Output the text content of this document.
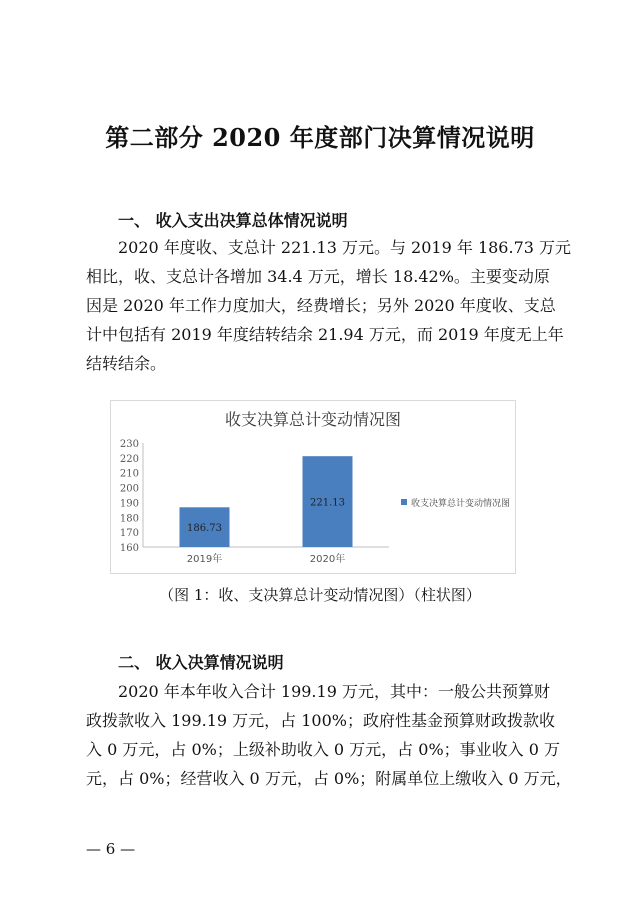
第二部分 2020 年度部门决算情况说明
一、 收入支出决算总体情况说明
2020 年度收、支总计 221.13 万元。与 2019 年 186.73 万元
相比，收、支总计各增加 34.4 万元，增长 18.42%。主要变动原
因是 2020 年工作力度加大，经费增长；另外 2020 年度收、支总
计中包括有 2019 年度结转结余 21.94 万元，而 2019 年度无上年
结转结余。
收支决算总计变动情况图
160
170
180
190
200
210
220
230
186.73
2019年
221.13
2020年
收支决算总计变动情况图
（图 1：收、支决算总计变动情况图）（柱状图）
二、 收入决算情况说明
2020 年本年收入合计 199.19 万元，其中：一般公共预算财
政拨款收入 199.19 万元，占 100%；政府性基金预算财政拨款收
入 0 万元，占 0%；上级补助收入 0 万元，占 0%；事业收入 0 万
元，占 0%；经营收入 0 万元，占 0%；附属单位上缴收入 0 万元，
— 6 —
